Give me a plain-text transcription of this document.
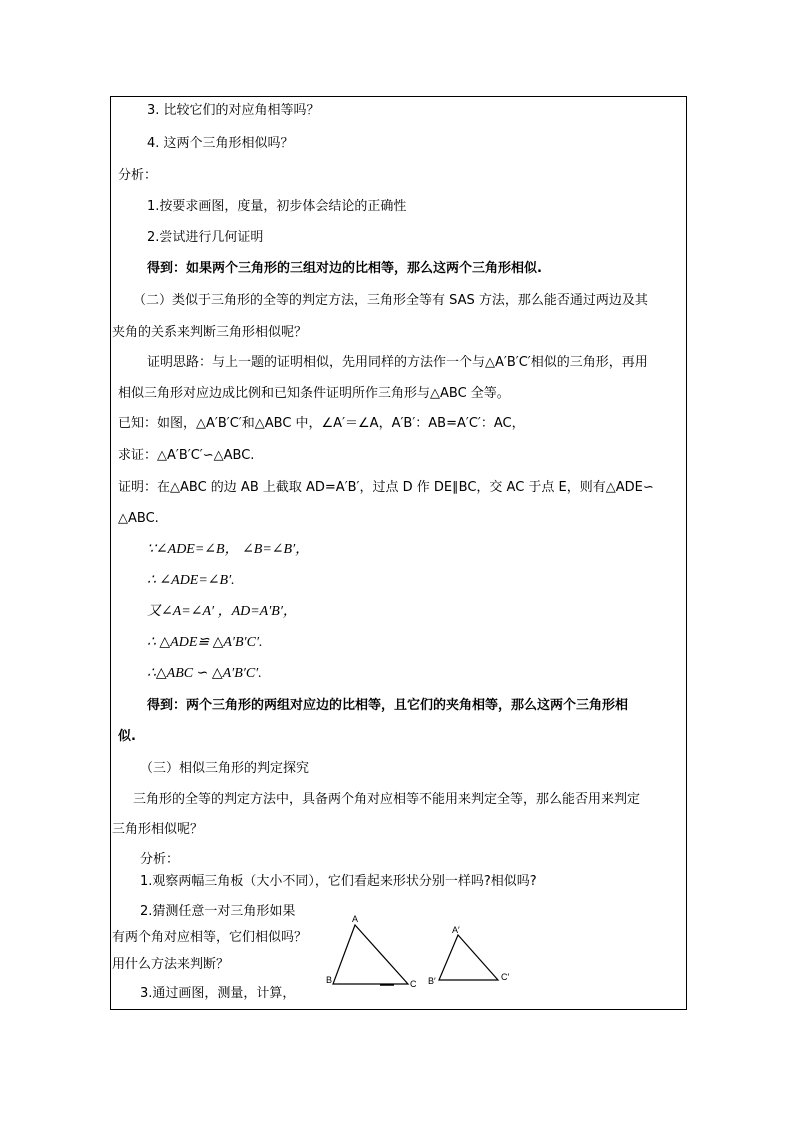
3. 比较它们的对应角相等吗？
4. 这两个三角形相似吗？
分析：
1.按要求画图，度量，初步体会结论的正确性
2.尝试进行几何证明
得到：如果两个三角形的三组对边的比相等，那么这两个三角形相似.
（二）类似于三角形的全等的判定方法，三角形全等有 SAS 方法，那么能否通过两边及其
夹角的关系来判断三角形相似呢？
证明思路：与上一题的证明相似，先用同样的方法作一个与△A′B′C′相似的三角形，再用
相似三角形对应边成比例和已知条件证明所作三角形与△ABC 全等。
已知：如图，△A′B′C′和△ABC 中，∠A′＝∠A，A′B′：AB=A′C′：AC，
求证：△A′B′C′∽△ABC.
证明：在△ABC 的边 AB 上截取 AD=A′B′，过点 D 作 DE∥BC，交 AC 于点 E，则有△ADE∽
△ABC.
∵∠ADE=∠B， ∠B=∠B′，
∴ ∠ADE=∠B′.
又∠A=∠A′ ，AD=A′B′，
∴ △ADE≌ △A′B′C′.
∴△ABC ∽ △A′B′C′.
得到：两个三角形的两组对应边的比相等，且它们的夹角相等，那么这两个三角形相
似.
（三）相似三角形的判定探究
三角形的全等的判定方法中，具备两个角对应相等不能用来判定全等，那么能否用来判定
三角形相似呢？
分析：
1.观察两幅三角板（大小不同），它们看起来形状分别一样吗?相似吗?
2.猜测任意一对三角形如果
有两个角对应相等，它们相似吗？
用什么方法来判断？
3.通过画图，测量，计算，
A
B	C
A′
B′	C′
